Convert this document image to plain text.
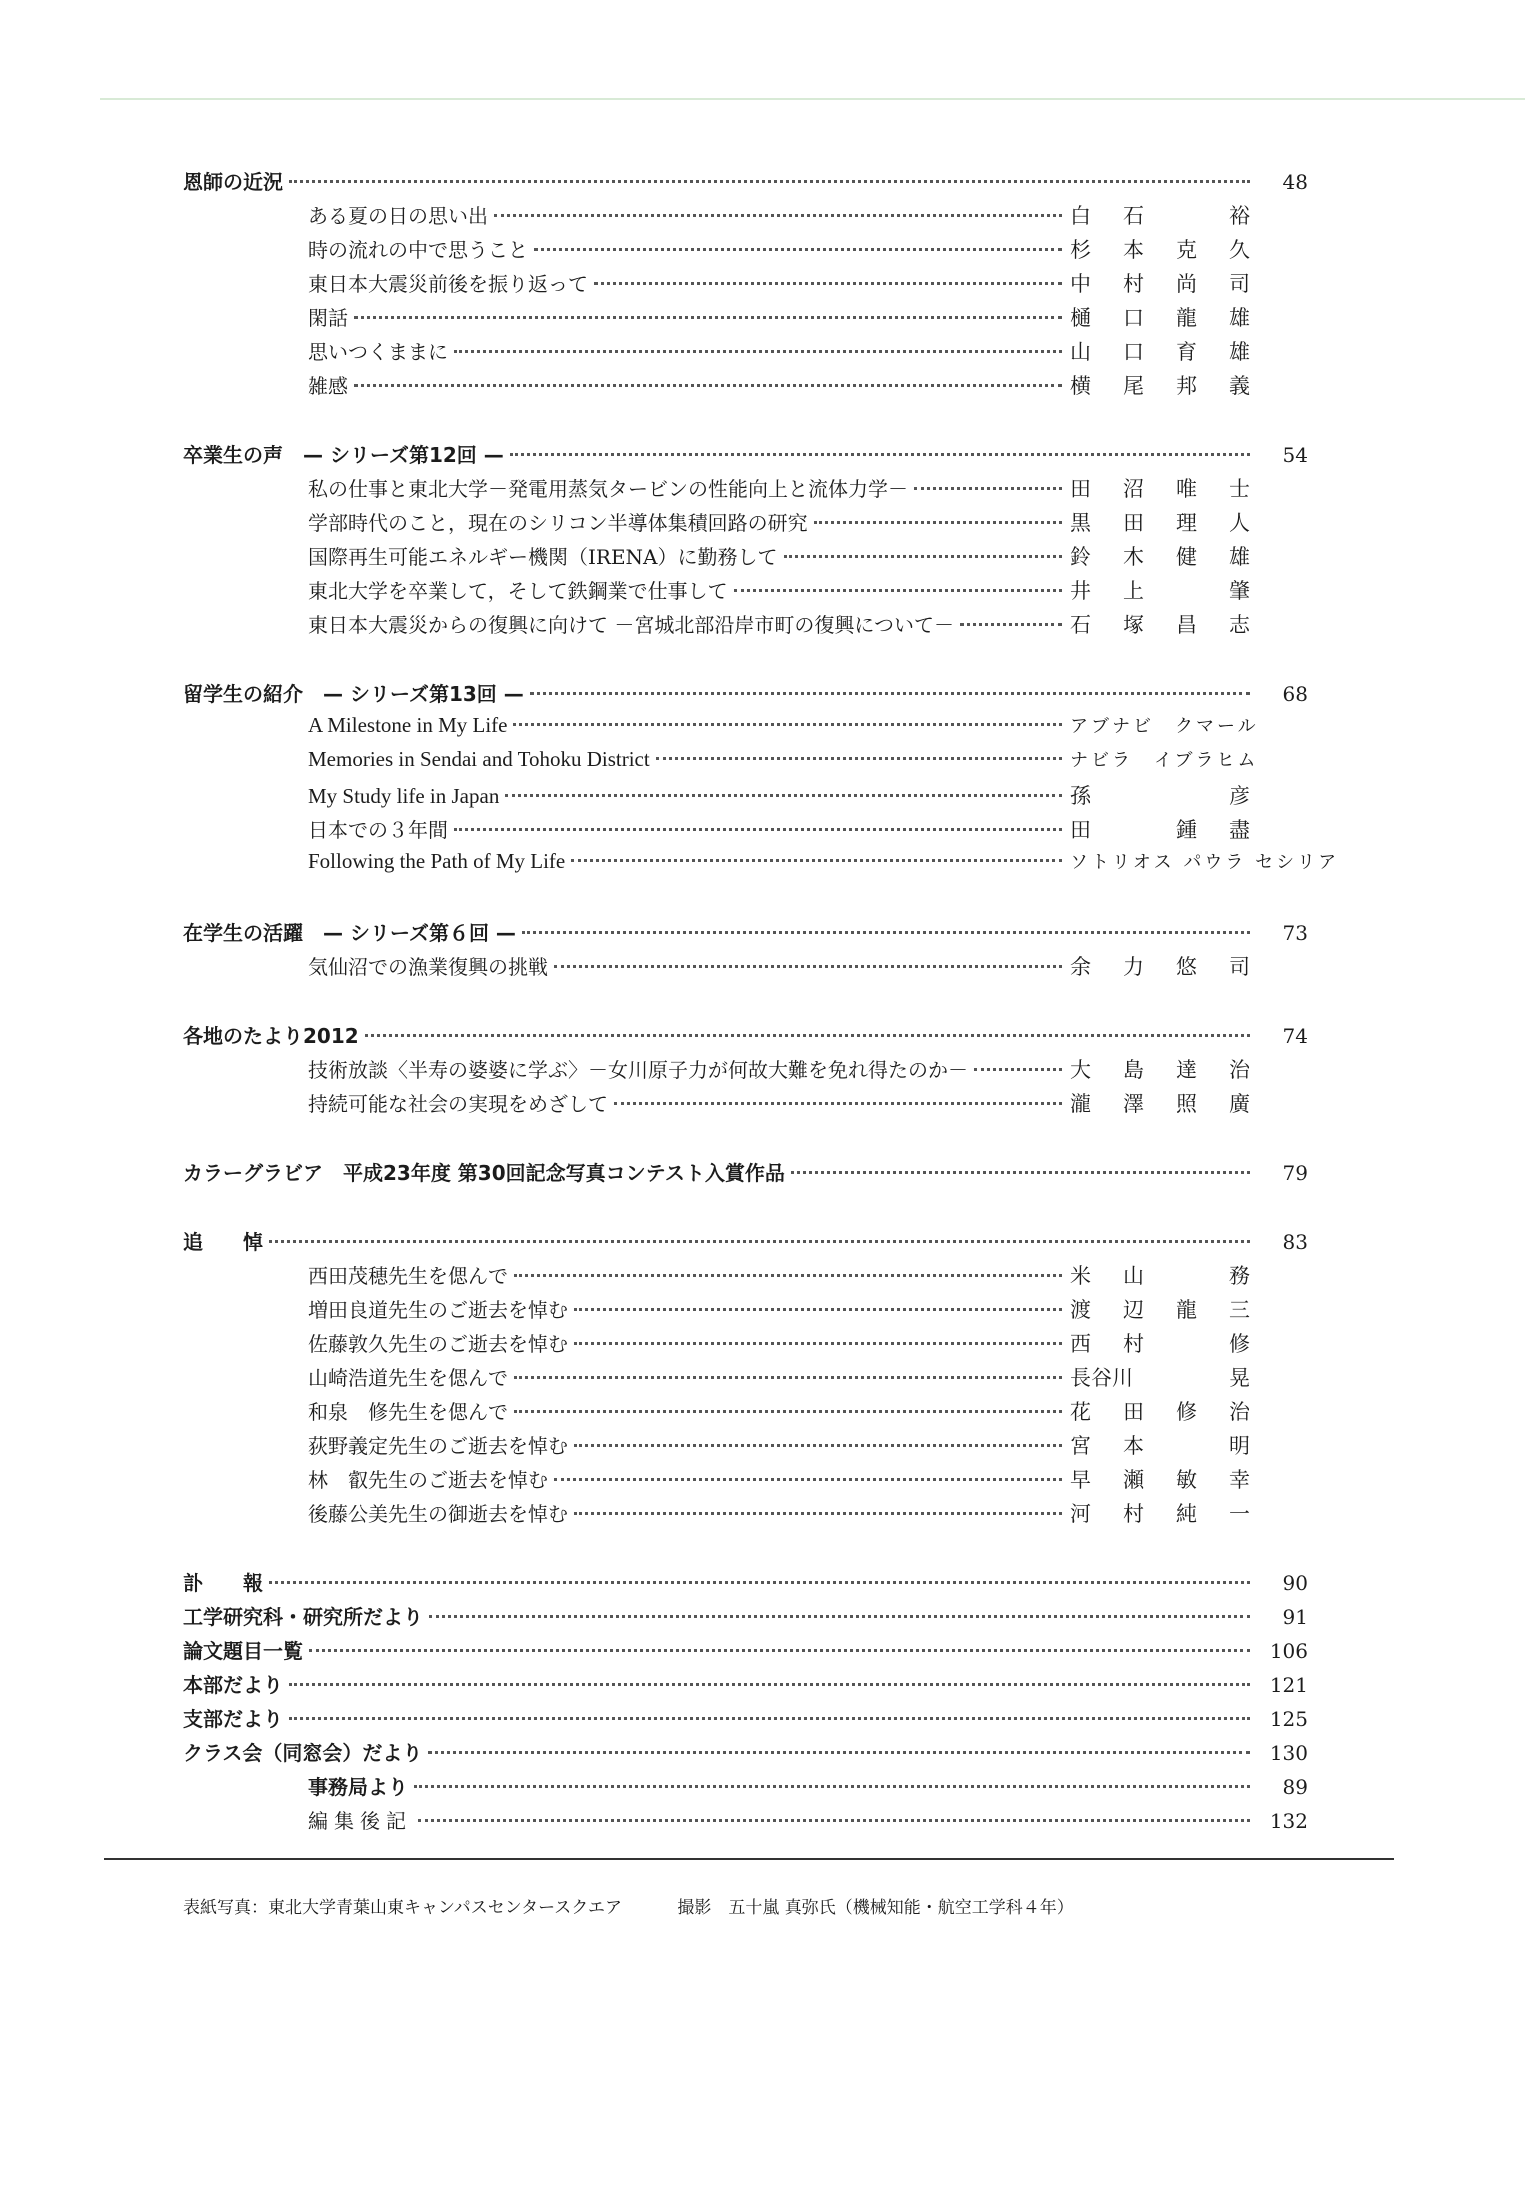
恩師の近況	48
ある夏の日の思い出	白 石	裕
時の流れの中で思うこと	杉 本 克 久
東日本大震災前後を振り返って	中 村 尚 司
閑話	樋 口 龍 雄
思いつくままに	山 口 育 雄
雑感	横 尾 邦 義
卒業生の声　— シリーズ第12回 —	54
私の仕事と東北大学－発電用蒸気タービンの性能向上と流体力学－	田 沼 唯 士
学部時代のこと，現在のシリコン半導体集積回路の研究	黒 田 理 人
国際再生可能エネルギー機関（IRENA）に勤務して	鈴 木 健 雄
東北大学を卒業して，そして鉄鋼業で仕事して	井 上	肇
東日本大震災からの復興に向けて －宮城北部沿岸市町の復興について－	石 塚 昌 志
留学生の紹介　— シリーズ第13回 —	68
A Milestone in My Life	アブナビ　クマール
Memories in Sendai and Tohoku District	ナビラ　イブラヒム
My Study life in Japan	孫	彦
日本での３年間	田	鍾 盡
Following the Path of My Life	ソトリオス パウラ セシリア
在学生の活躍　— シリーズ第６回 —	73
気仙沼での漁業復興の挑戦	余 力 悠 司
各地のたより2012	74
技術放談〈半寿の婆婆に学ぶ〉－女川原子力が何故大難を免れ得たのか－	大 島 達 治
持続可能な社会の実現をめざして	瀧 澤 照 廣
カラーグラビア　平成23年度 第30回記念写真コンテスト入賞作品	79
追　　悼	83
西田茂穂先生を偲んで	米 山	務
増田良道先生のご逝去を悼む	渡 辺 龍 三
佐藤敦久先生のご逝去を悼む	西 村	修
山崎浩道先生を偲んで	長谷川	晃
和泉　修先生を偲んで	花 田 修 治
荻野義定先生のご逝去を悼む	宮 本	明
林　叡先生のご逝去を悼む	早 瀬 敏 幸
後藤公美先生の御逝去を悼む	河 村 純 一
訃　　報	90
工学研究科・研究所だより	91
論文題目一覧	106
本部だより	121
支部だより	125
クラス会（同窓会）だより	130
事務局より	89
編集後記	132
表紙写真：東北大学青葉山東キャンパスセンタースクエア	撮影　五十嵐 真弥氏（機械知能・航空工学科４年）
